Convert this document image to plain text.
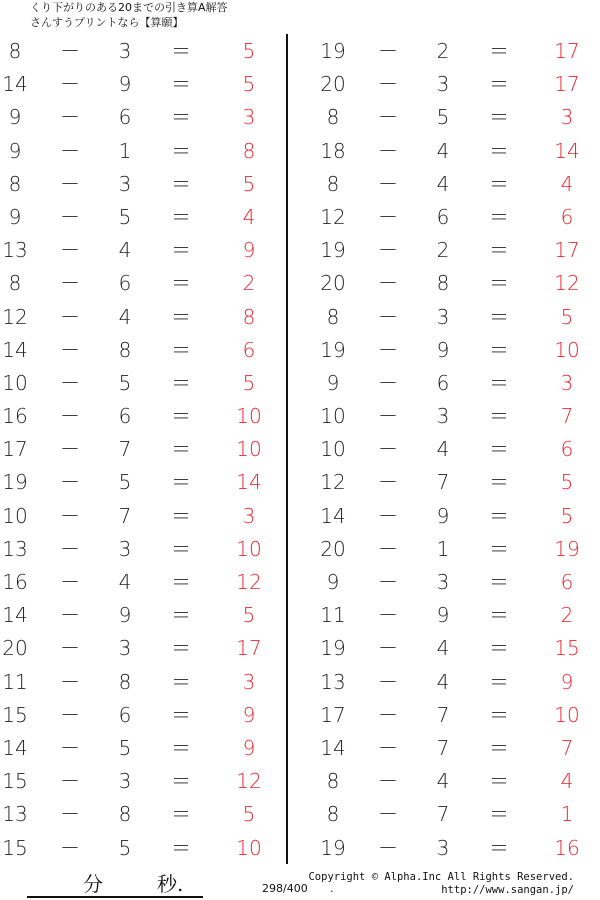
くり下がりのある20までの引き算A解答
さんすうプリントなら【算願】
8	－	3	＝	5
14 －	9	＝	5
9	－	6	＝	3
9	－	1	＝	8
8	－	3	＝	5
9	－	5	＝	4
13 －	4	＝	9
8	－	6	＝	2
12 －	4	＝	8
14 －	8	＝	6
10 －	5	＝	5
16 －	6	＝ 10
17 －	7	＝ 10
19 －	5	＝ 14
10 －	7	＝	3
13 －	3	＝ 10
16 －	4	＝ 12
14 －	9	＝	5
20 －	3	＝ 17
11 －	8	＝	3
15 －	6	＝	9
14 －	5	＝	9
15 －	3	＝ 12
13 －	8	＝	5
15 －	5	＝ 10
19 －	2	＝ 17
20 －	3	＝ 17
8	－	5	＝	3
18 －	4	＝ 14
8	－	4	＝	4
12 －	6	＝	6
19 －	2	＝ 17
20 －	8	＝ 12
8	－	3	＝	5
19 －	9	＝ 10
9	－	6	＝	3
10 －	3	＝	7
10 －	4	＝	6
12 －	7	＝	5
14 －	9	＝	5
20 －	1	＝ 19
9	－	3	＝	6
11 －	9	＝	2
19 －	4	＝ 15
13 －	4	＝	9
17 －	7	＝ 10
14 －	7	＝	7
8	－	4	＝	4
8	－	7	＝	1
19 －	3	＝ 16
分	秒.	298/400 .
Copyright © Alpha.Inc All Rights Reserved.
http://www.sangan.jp/
